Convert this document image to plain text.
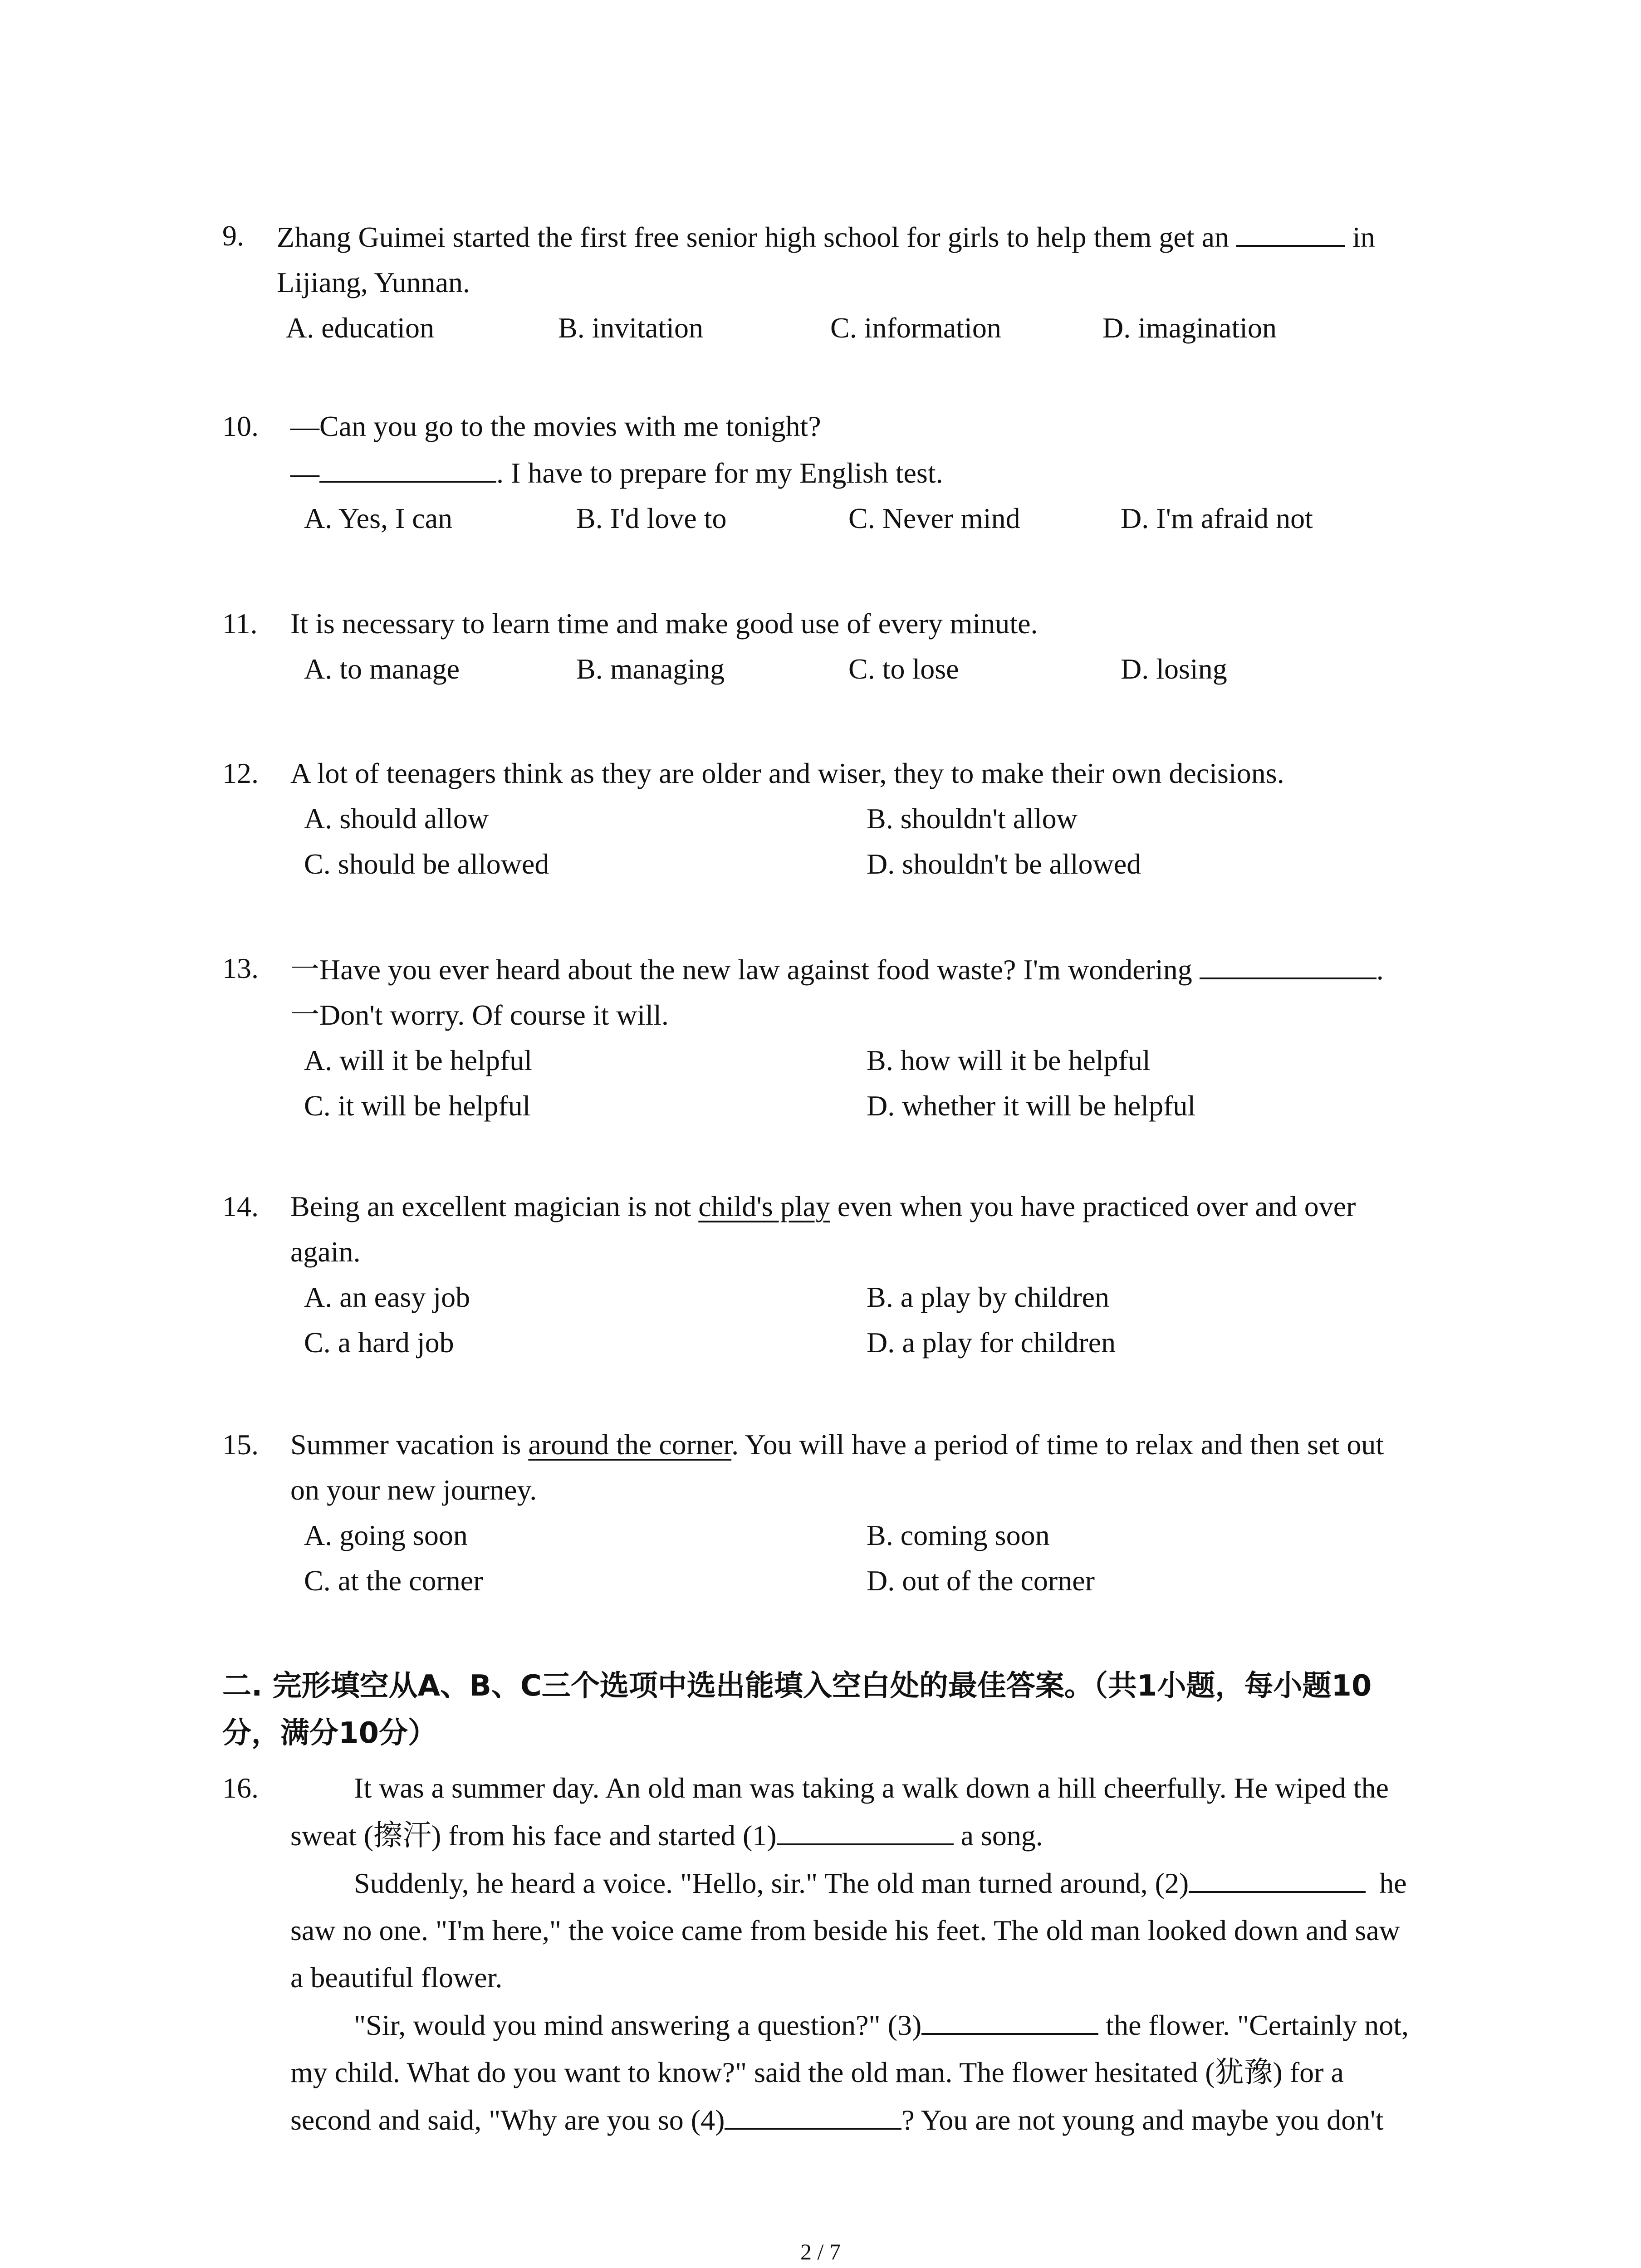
9.	Zhang Guimei started the first free senior high school for girls to help them get an	in
Lijiang, Yunnan.
A. education	B. invitation	C. information	D. imagination
10.	—Can you go to the movies with me tonight?
—	. I have to prepare for my English test.
A. Yes, I can	B. I'd love to	C. Never mind	D. I'm afraid not
11.	It is necessary to learn time and make good use of every minute.
A. to manage	B. managing	C. to lose	D. losing
12.	A lot of teenagers think as they are older and wiser, they to make their own decisions.
A. should allow	B. shouldn't allow
C. should be allowed	D. shouldn't be allowed
13.	一Have you ever heard about the new law against food waste? I'm wondering	.
一Don't worry. Of course it will.
A. will it be helpful	B. how will it be helpful
C. it will be helpful	D. whether it will be helpful
14.	Being an excellent magician is not child's play even when you have practiced over and over
again.
A. an easy job	B. a play by children
C. a hard job	D. a play for children
15.	Summer vacation is around the corner. You will have a period of time to relax and then set out
on your new journey.
A. going soon	B. coming soon
C. at the corner	D. out of the corner
二. 完形填空从A、B、C三个选项中选出能填入空白处的最佳答案。（共1小题，每小题10
分，满分10分）
16.	It was a summer day. An old man was taking a walk down a hill cheerfully. He wiped the
sweat (擦汗) from his face and started (1)	a song.
Suddenly, he heard a voice. "Hello, sir." The old man turned around, (2)	he
saw no one. "I'm here," the voice came from beside his feet. The old man looked down and saw
a beautiful flower.
"Sir, would you mind answering a question?" (3)	the flower. "Certainly not,
my child. What do you want to know?" said the old man. The flower hesitated (犹豫) for a
second and said, "Why are you so (4)	? You are not young and maybe you don't
2 / 7
